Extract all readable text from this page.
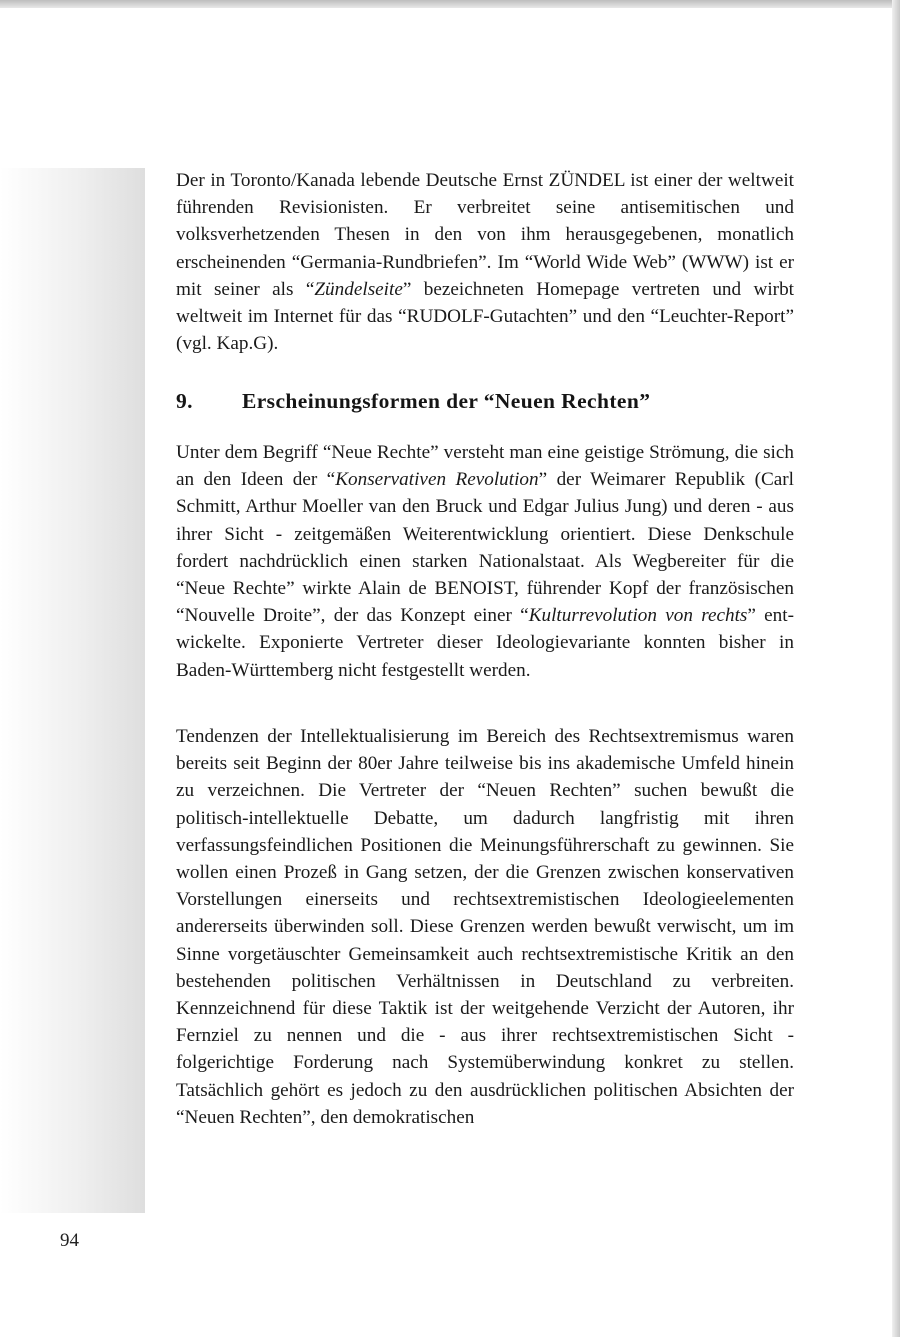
Der in Toronto/Kanada lebende Deutsche Ernst ZÜNDEL ist einer der weltweit führenden Revisionisten. Er verbreitet seine antisemitischen und volksverhetzenden Thesen in den von ihm herausgegebenen, monatlich erscheinenden “Germania-Rundbriefen”. Im “World Wide Web” (WWW) ist er mit seiner als “Zündelseite” bezeichneten Homepage vertreten und wirbt weltweit im Internet für das “RUDOLF-Gutachten” und den “Leuchter-Report” (vgl. Kap.G).

9. Erscheinungsformen der “Neuen Rechten”

Unter dem Begriff “Neue Rechte” versteht man eine geistige Strömung, die sich an den Ideen der “Konservativen Revolution” der Weimarer Republik (Carl Schmitt, Arthur Moeller van den Bruck und Edgar Julius Jung) und deren - aus ihrer Sicht - zeitgemäßen Weiterentwicklung orientiert. Diese Denkschule fordert nachdrücklich einen starken Nationalstaat. Als Wegbereiter für die “Neue Rechte” wirkte Alain de BENOIST, führender Kopf der französischen “Nouvelle Droite”, der das Konzept einer “Kulturrevolution von rechts” entwickelte. Exponierte Vertreter dieser Ideologievariante konnten bisher in Baden-Württemberg nicht festgestellt werden.

Tendenzen der Intellektualisierung im Bereich des Rechtsextremismus waren bereits seit Beginn der 80er Jahre teilweise bis ins akademische Umfeld hinein zu verzeichnen. Die Vertreter der “Neuen Rechten” suchen bewußt die politisch-intellektuelle Debatte, um dadurch langfristig mit ihren verfassungsfeindlichen Positionen die Meinungsführerschaft zu gewinnen. Sie wollen einen Prozeß in Gang setzen, der die Grenzen zwischen konservativen Vorstellungen einerseits und rechtsextremistischen Ideologieelementen andererseits überwinden soll. Diese Grenzen werden bewußt verwischt, um im Sinne vorgetäuschter Gemeinsamkeit auch rechtsextremistische Kritik an den bestehenden politischen Verhältnissen in Deutschland zu verbreiten. Kennzeichnend für diese Taktik ist der weitgehende Verzicht der Autoren, ihr Fernziel zu nennen und die - aus ihrer rechtsextremistischen Sicht - folgerichtige Forderung nach Systemüberwindung konkret zu stellen. Tatsächlich gehört es jedoch zu den ausdrücklichen politischen Absichten der “Neuen Rechten”, den demokratischen

94
